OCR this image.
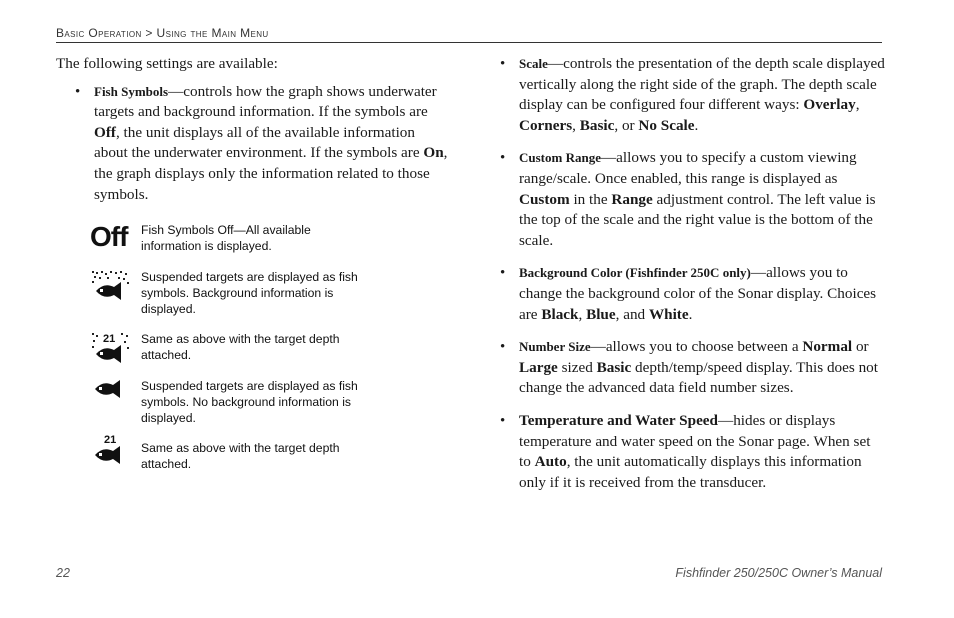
Basic Operation > Using the Main Menu

The following settings are available:

• Fish Symbols—controls how the graph shows underwater targets and background information. If the symbols are Off, the unit displays all of the available information about the underwater environment. If the symbols are On, the graph displays only the information related to those symbols.
Off	Fish Symbols Off—All available information is displayed.
Suspended targets are displayed as fish symbols. Background information is displayed.
21 Same as above with the target depth attached.
Suspended targets are displayed as fish symbols. No background information is displayed.
21
Same as above with the target depth attached.
• Scale—controls the presentation of the depth scale displayed vertically along the right side of the graph. The depth scale display can be configured four different ways: Overlay, Corners, Basic, or No Scale.
• Custom Range—allows you to specify a custom viewing range/scale. Once enabled, this range is displayed as Custom in the Range adjustment control. The left value is the top of the scale and the right value is the bottom of the scale.
• Background Color (Fishfinder 250C only)—allows you to change the background color of the Sonar display. Choices are Black, Blue, and White.
• Number Size—allows you to choose between a Normal or Large sized Basic depth/temp/speed display. This does not change the advanced data field number sizes.
• Temperature and Water Speed—hides or displays temperature and water speed on the Sonar page. When set to Auto, the unit automatically displays this information only if it is received from the transducer.
22	Fishfinder 250/250C Owner’s Manual
